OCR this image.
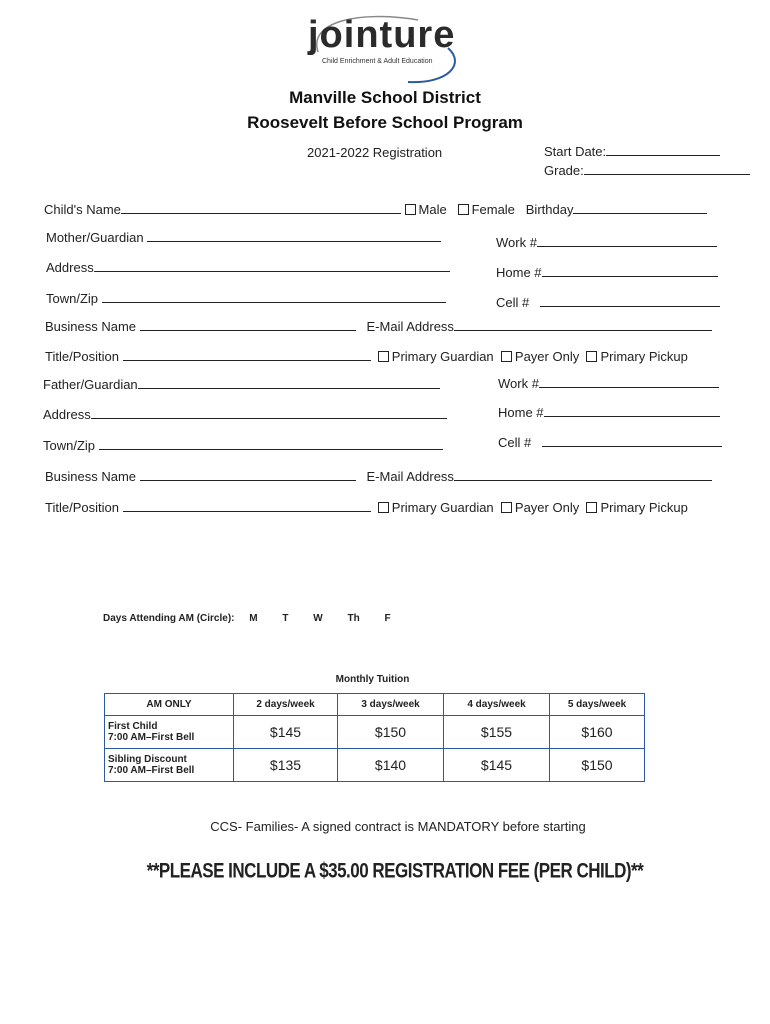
jointure
Child Enrichment & Adult Education
Manville School District
Roosevelt Before School Program
2021-2022 Registration	Start Date:
Grade:
Child's Name	Male Female Birthday
Mother/Guardian	Work #
Address	Home #
Town/Zip	Cell #
Business Name	E-Mail Address
Title/Position	Primary Guardian Payer Only Primary Pickup
Father/Guardian	Work #
Address	Home #
Town/Zip	Cell #
Business Name	E-Mail Address
Title/Position	Primary Guardian Payer Only Primary Pickup
Days Attending AM (Circle): M T W Th F
Monthly Tuition
AM ONLY	2 days/week	3 days/week	4 days/week	5 days/week

First Child
7:00 AM–First Bell	$145	$150	$155	$160

Sibling Discount
7:00 AM–First Bell	$135	$140	$145	$150
CCS- Families- A signed contract is MANDATORY before starting
**PLEASE INCLUDE A $35.00 REGISTRATION FEE (PER CHILD)**
